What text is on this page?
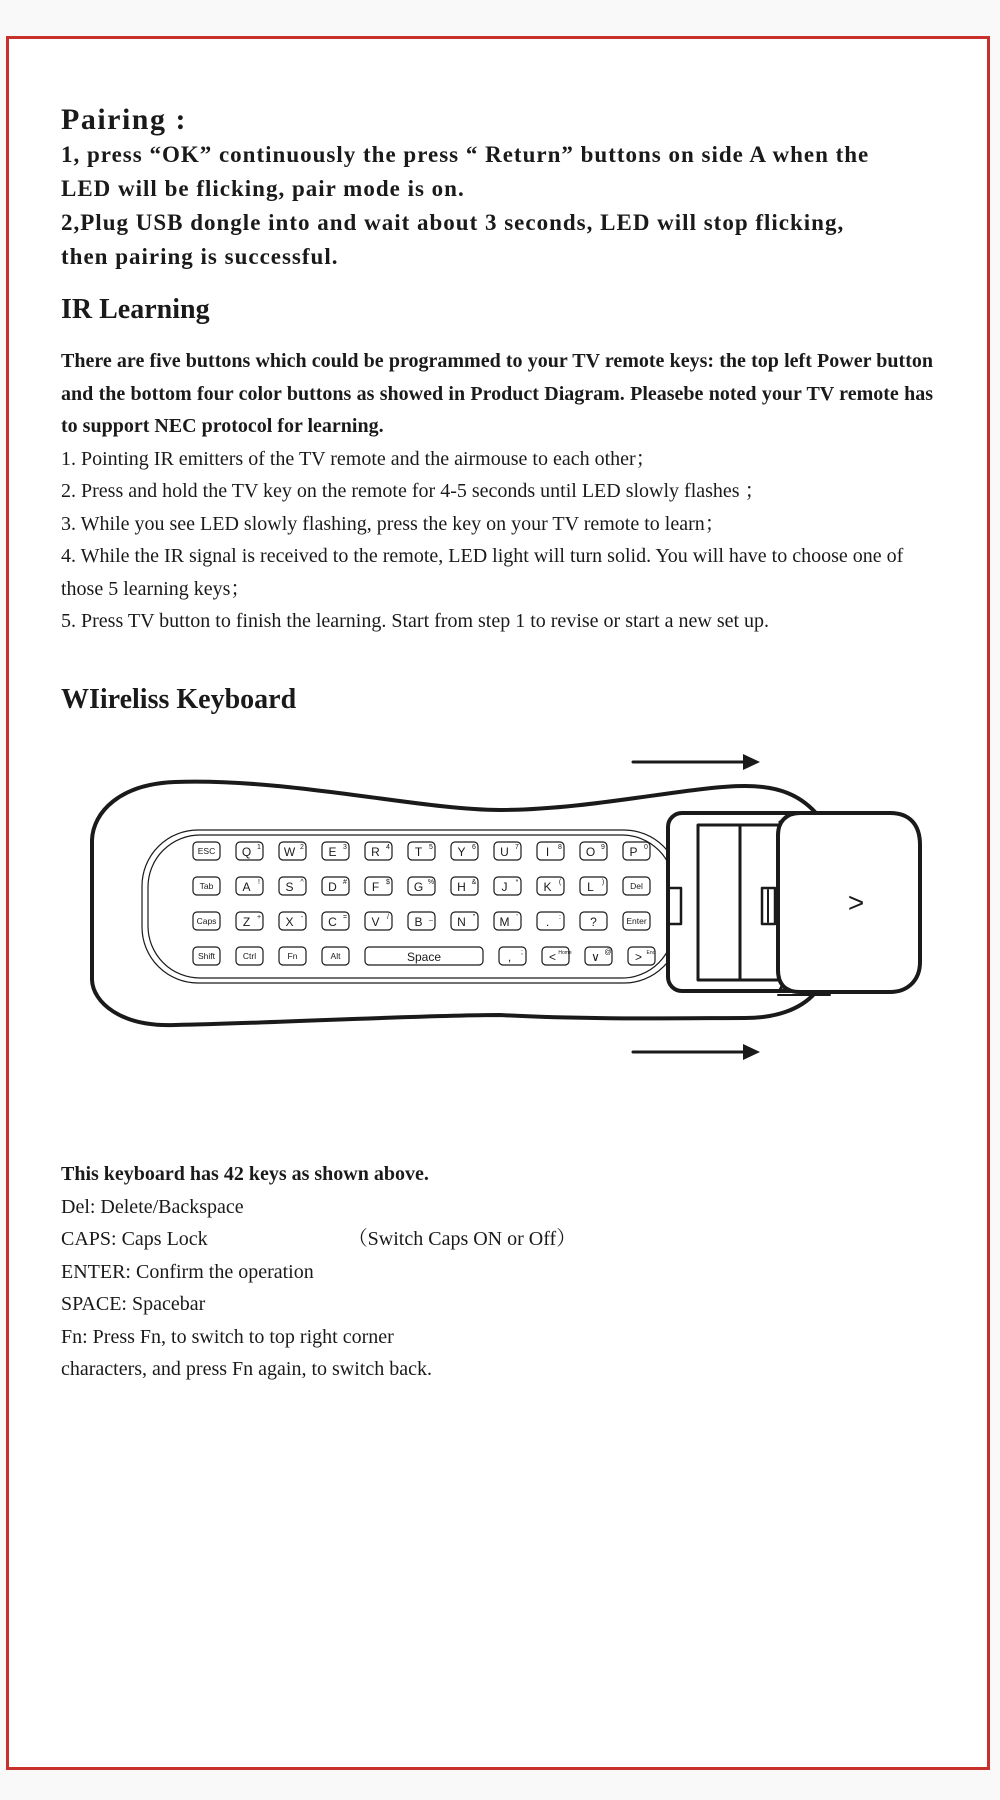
Pairing :

1, press “OK” continuously the press “ Return” buttons on side A when the

LED will be flicking, pair mode is on.

2,Plug USB dongle into and wait about 3 seconds, LED will stop flicking,

then pairing is successful.

IR Learning

There are five buttons which could be programmed to your TV remote keys: the top left Power button and the bottom four color buttons as showed in Product Diagram. Pleasebe noted your TV remote has to support NEC protocol for learning.

1. Pointing IR emitters of the TV remote and the airmouse to each other；

2. Press and hold the TV key on the remote for 4-5 seconds until LED slowly flashes ；

3. While you see LED slowly flashing, press the key on your TV remote to learn；

4. While the IR signal is received to the remote, LED light will turn solid. You will have to choose one of those 5 learning keys；

5. Press TV button to finish the learning. Start from step 1 to revise or start a new set up.

WIireliss Keyboard
>
ESC Q 1 W 2 E 3 R 4 T 5 Y 6 U 7 I 8 O 9 P 0
Tab A ! S ^ D # F $ G % H & J * K ( L )	Del
Caps Z + X - C = V / B _ N " M ' . : ?	Enter
Shift	Ctrl	Fn	Alt	Space	, ; < Home ∨ @ > End

This keyboard has 42 keys as shown above.

Del: Delete/Backspace

CAPS: Caps Lock	（Switch Caps ON or Off）

ENTER: Confirm the operation

SPACE: Spacebar

Fn: Press Fn, to switch to top right corner

characters, and press Fn again, to switch back.
